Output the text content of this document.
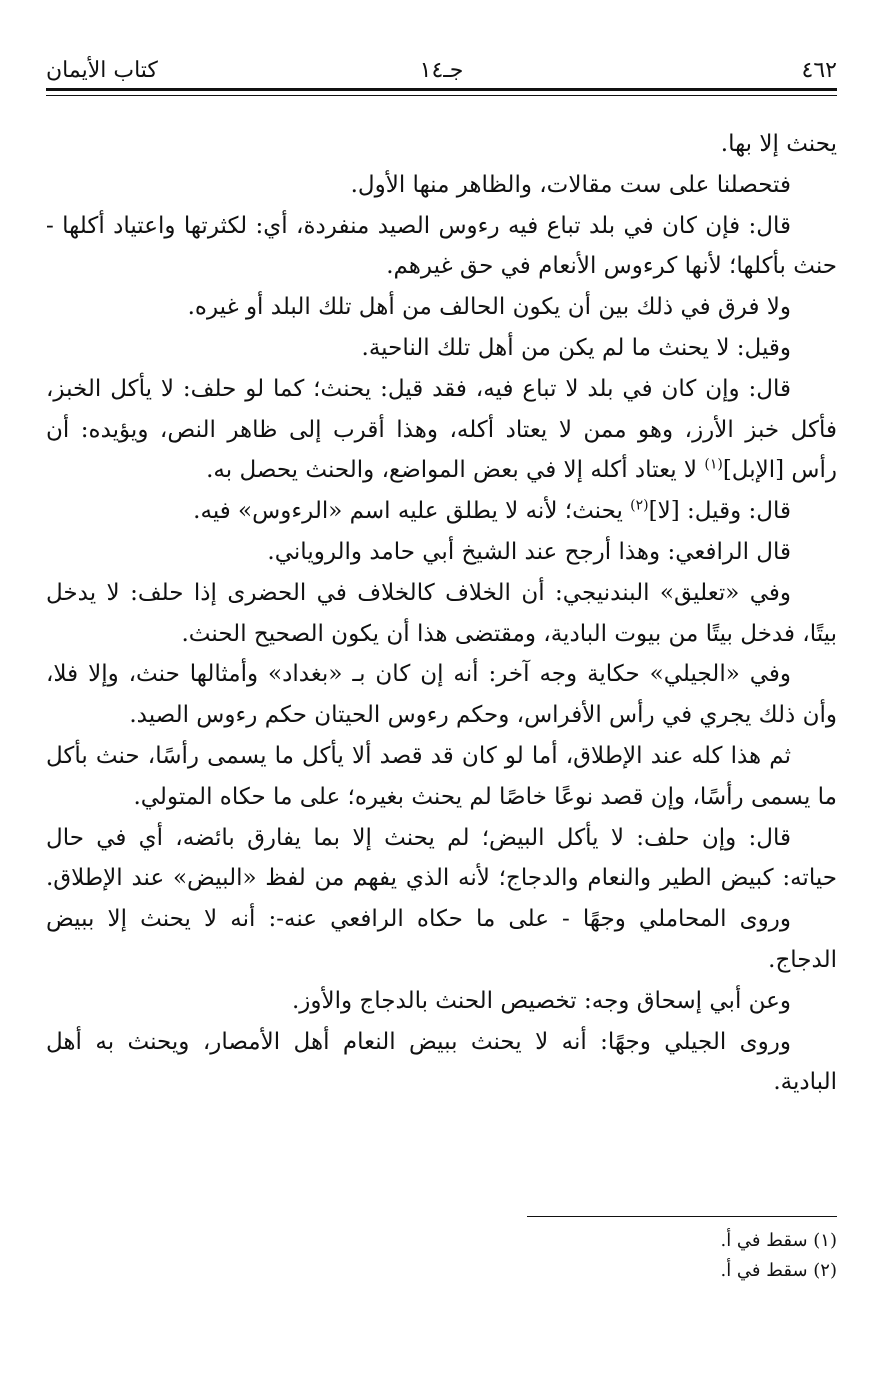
٤٦٢
جـ١٤
كتاب الأيمان
يحنث إلا بها.
فتحصلنا على ست مقالات، والظاهر منها الأول.
قال: فإن كان في بلد تباع فيه رءوس الصيد منفردة، أي: لكثرتها واعتياد أكلها -
حنث بأكلها؛ لأنها كرءوس الأنعام في حق غيرهم.
ولا فرق في ذلك بين أن يكون الحالف من أهل تلك البلد أو غيره.
وقيل: لا يحنث ما لم يكن من أهل تلك الناحية.
قال: وإن كان في بلد لا تباع فيه، فقد قيل: يحنث؛ كما لو حلف: لا يأكل الخبز،
فأكل خبز الأرز، وهو ممن لا يعتاد أكله، وهذا أقرب إلى ظاهر النص، ويؤيده: أن
رأس [الإبل]$^{(١)}$ لا يعتاد أكله إلا في بعض المواضع، والحنث يحصل به.
قال: وقيل: [لا]$^{(٢)}$ يحنث؛ لأنه لا يطلق عليه اسم «الرءوس» فيه.
قال الرافعي: وهذا أرجح عند الشيخ أبي حامد والروياني.
وفي «تعليق» البندنيجي: أن الخلاف كالخلاف في الحضرى إذا حلف: لا يدخل
بيتًا، فدخل بيتًا من بيوت البادية، ومقتضى هذا أن يكون الصحيح الحنث.
وفي «الجيلي» حكاية وجه آخر: أنه إن كان بـ «بغداد» وأمثالها حنث، وإلا فلا،
وأن ذلك يجري في رأس الأفراس، وحكم رءوس الحيتان حكم رءوس الصيد.
ثم هذا كله عند الإطلاق، أما لو كان قد قصد ألا يأكل ما يسمى رأسًا، حنث بأكل
ما يسمى رأسًا، وإن قصد نوعًا خاصًا لم يحنث بغيره؛ على ما حكاه المتولي.
قال: وإن حلف: لا يأكل البيض؛ لم يحنث إلا بما يفارق بائضه، أي في حال
حياته: كبيض الطير والنعام والدجاج؛ لأنه الذي يفهم من لفظ «البيض» عند الإطلاق.
وروى المحاملي وجهًا - على ما حكاه الرافعي عنه-: أنه لا يحنث إلا ببيض
الدجاج.
وعن أبي إسحاق وجه: تخصيص الحنث بالدجاج والأوز.
وروى الجيلي وجهًا: أنه لا يحنث ببيض النعام أهل الأمصار، ويحنث به أهل
البادية.
(١) سقط في أ.
(٢) سقط في أ.
